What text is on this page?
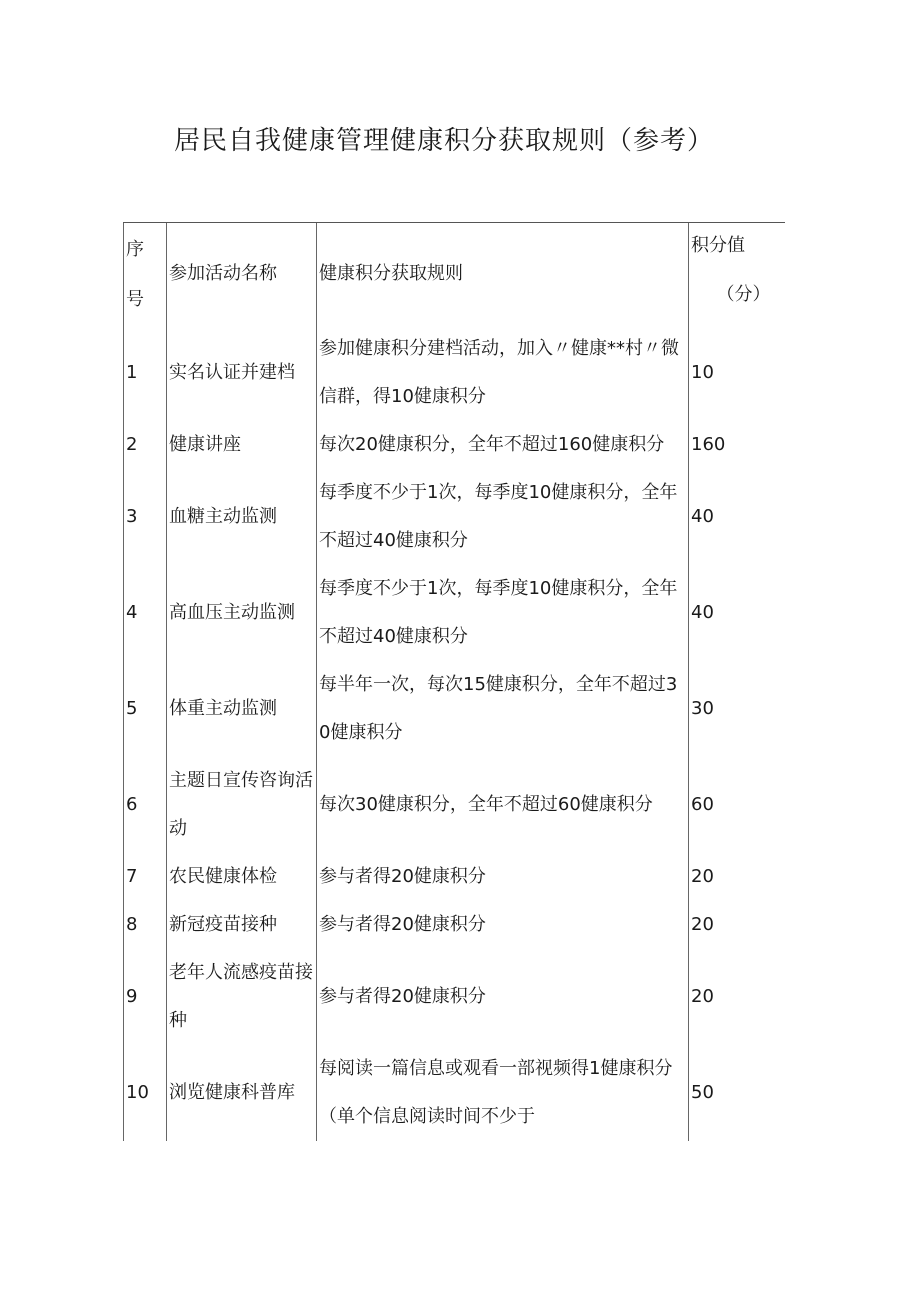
居民自我健康管理健康积分获取规则（参考）
序号	参加活动名称	健康积分获取规则	积分值
（分）

1	实名认证并建档	参加健康积分建档活动，加入〃健康**村〃微信群，得10健康积分	10
2	健康讲座	每次20健康积分，全年不超过160健康积分	160
3	血糖主动监测	每季度不少于1次，每季度10健康积分，全年不超过40健康积分	40
4	高血压主动监测	每季度不少于1次，每季度10健康积分，全年不超过40健康积分	40
5	体重主动监测	每半年一次，每次15健康积分，全年不超过30健康积分	30
6	主题日宣传咨询活动	每次30健康积分，全年不超过60健康积分	60
7	农民健康体检	参与者得20健康积分	20
8	新冠疫苗接种	参与者得20健康积分	20
9	老年人流感疫苗接种	参与者得20健康积分	20
10	浏览健康科普库	每阅读一篇信息或观看一部视频得1健康积分（单个信息阅读时间不少于	50
